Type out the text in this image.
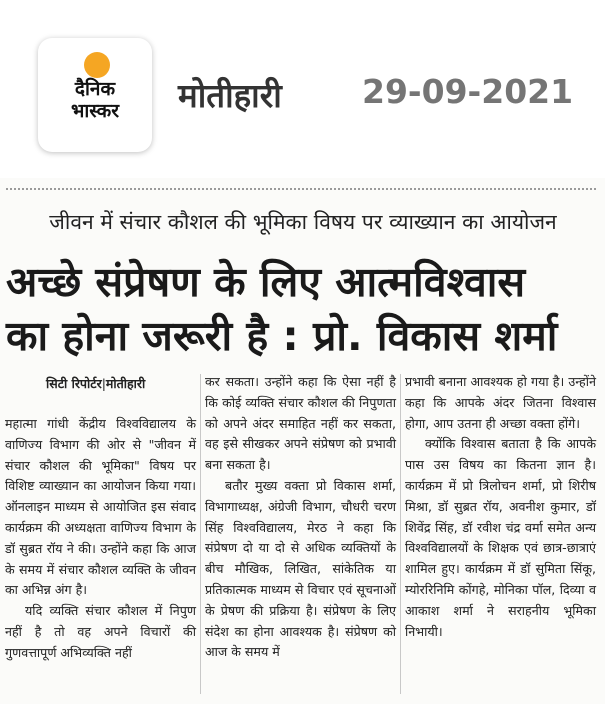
दैनिक
भास्कर	मोतीहारी 29-09-2021
जीवन में संचार कौशल की भूमिका विषय पर व्याख्यान का आयोजन
अच्छे संप्रेषण के लिए आत्मविश्वास
का होना जरूरी है : प्रो. विकास शर्मा
सिटी रिपोर्टर|मोतीहारी

महात्मा गांधी केंद्रीय विश्वविद्यालय के वाणिज्य विभाग की ओर से "जीवन में संचार कौशल की भूमिका" विषय पर विशिष्ट व्याख्यान का आयोजन किया गया। ऑनलाइन माध्यम से आयोजित इस संवाद कार्यक्रम की अध्यक्षता वाणिज्य विभाग के डॉ सुब्रत रॉय ने की। उन्होंने कहा कि आज के समय में संचार कौशल व्यक्ति के जीवन का अभिन्न अंग है।

यदि व्यक्ति संचार कौशल में निपुण नहीं है तो वह अपने विचारों की गुणवत्तापूर्ण अभिव्यक्ति नहीं

कर सकता। उन्होंने कहा कि ऐसा नहीं है कि कोई व्यक्ति संचार कौशल की निपुणता को अपने अंदर समाहित नहीं कर सकता, वह इसे सीखकर अपने संप्रेषण को प्रभावी बना सकता है।

बतौर मुख्य वक्ता प्रो विकास शर्मा, विभागाध्यक्ष, अंग्रेजी विभाग, चौधरी चरण सिंह विश्वविद्यालय, मेरठ ने कहा कि संप्रेषण दो या दो से अधिक व्यक्तियों के बीच मौखिक, लिखित, सांकेतिक या प्रतिकात्मक माध्यम से विचार एवं सूचनाओं के प्रेषण की प्रक्रिया है। संप्रेषण के लिए संदेश का होना आवश्यक है। संप्रेषण को आज के समय में

प्रभावी बनाना आवश्यक हो गया है। उन्होंने कहा कि आपके अंदर जितना विश्वास होगा, आप उतना ही अच्छा वक्ता होंगे।

क्योंकि विश्वास बताता है कि आपके पास उस विषय का कितना ज्ञान है। कार्यक्रम में प्रो त्रिलोचन शर्मा, प्रो शिरीष मिश्रा, डॉ सुब्रत रॉय, अवनीश कुमार, डॉ शिवेंद्र सिंह, डॉ रवीश चंद्र वर्मा समेत अन्य विश्वविद्यालयों के शिक्षक एवं छात्र-छात्राएं शामिल हुए। कार्यक्रम में डॉ सुमिता सिंकू, म्योररिनिमि कोंगहे, मोनिका पॉल, दिव्या व आकाश शर्मा ने सराहनीय भूमिका निभायी।
